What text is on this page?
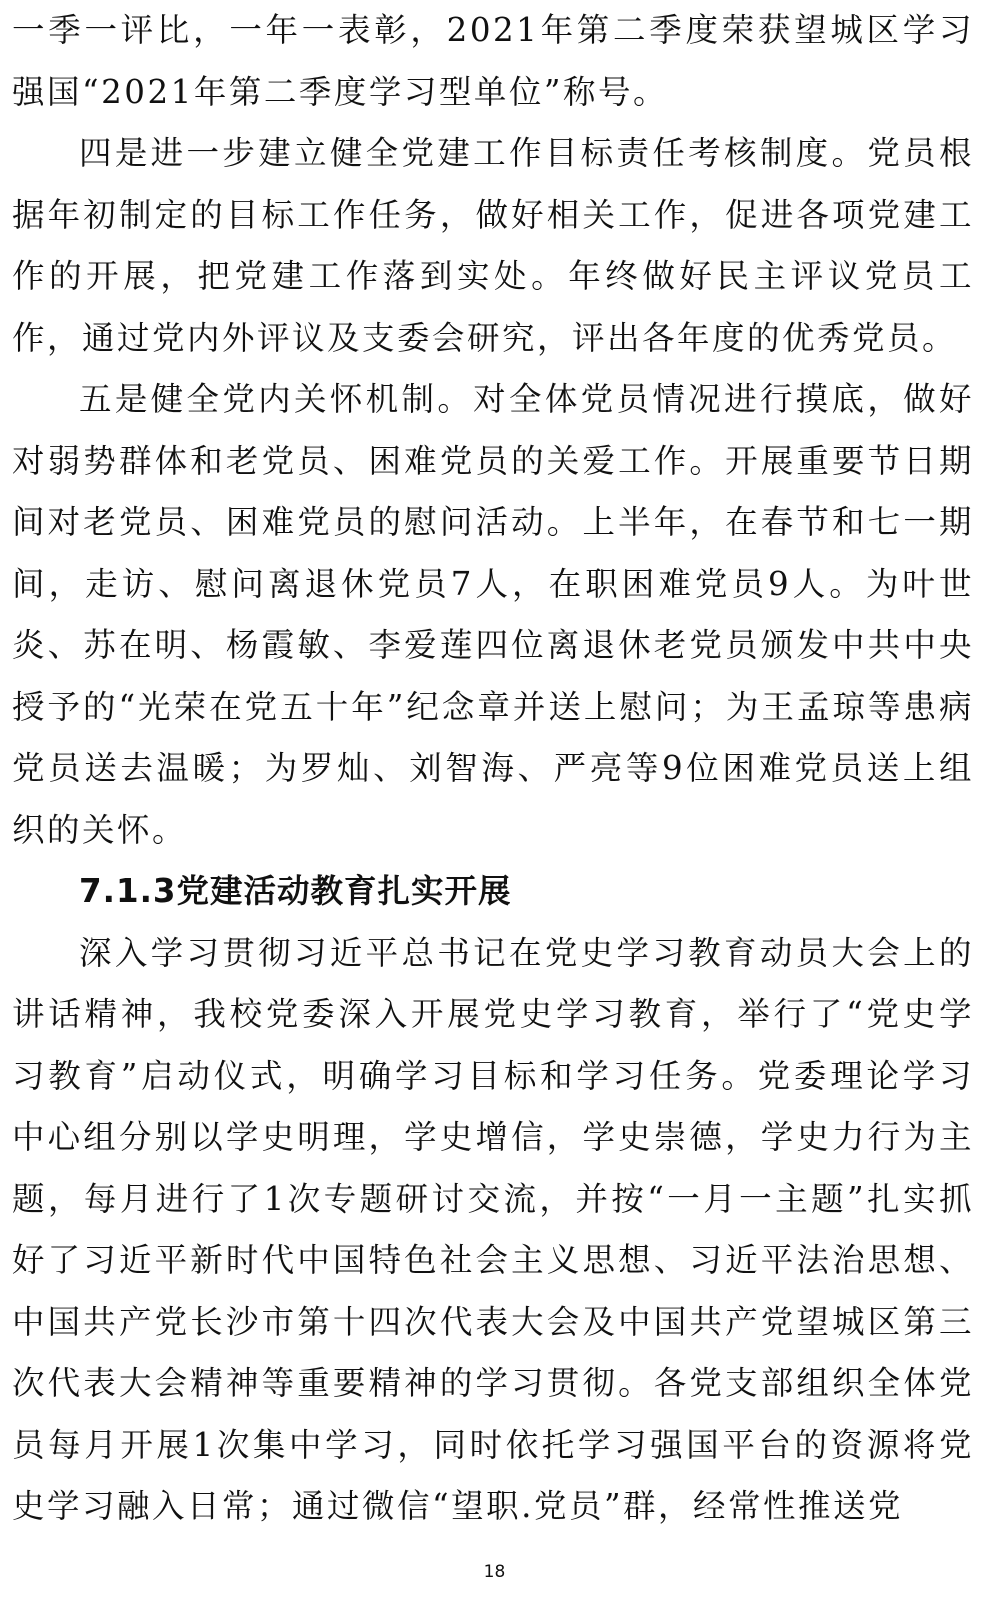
一季一评比，一年一表彰，2021年第二季度荣获望城区学习强国“2021年第二季度学习型单位”称号。

四是进一步建立健全党建工作目标责任考核制度。党员根据年初制定的目标工作任务，做好相关工作，促进各项党建工作的开展，把党建工作落到实处。年终做好民主评议党员工作，通过党内外评议及支委会研究，评出各年度的优秀党员。

五是健全党内关怀机制。对全体党员情况进行摸底，做好对弱势群体和老党员、困难党员的关爱工作。开展重要节日期间对老党员、困难党员的慰问活动。上半年，在春节和七一期间，走访、慰问离退休党员7人，在职困难党员9人。为叶世炎、苏在明、杨霞敏、李爱莲四位离退休老党员颁发中共中央授予的“光荣在党五十年”纪念章并送上慰问；为王孟琼等患病党员送去温暖；为罗灿、刘智海、严亮等9位困难党员送上组织的关怀。

7.1.3党建活动教育扎实开展

深入学习贯彻习近平总书记在党史学习教育动员大会上的讲话精神，我校党委深入开展党史学习教育，举行了“党史学习教育”启动仪式，明确学习目标和学习任务。党委理论学习中心组分别以学史明理，学史增信，学史崇德，学史力行为主题，每月进行了1次专题研讨交流，并按“一月一主题”扎实抓好了习近平新时代中国特色社会主义思想、习近平法治思想、中国共产党长沙市第十四次代表大会及中国共产党望城区第三次代表大会精神等重要精神的学习贯彻。各党支部组织全体党员每月开展1次集中学习，同时依托学习强国平台的资源将党史学习融入日常；通过微信“望职.党员”群，经常性推送党

18
